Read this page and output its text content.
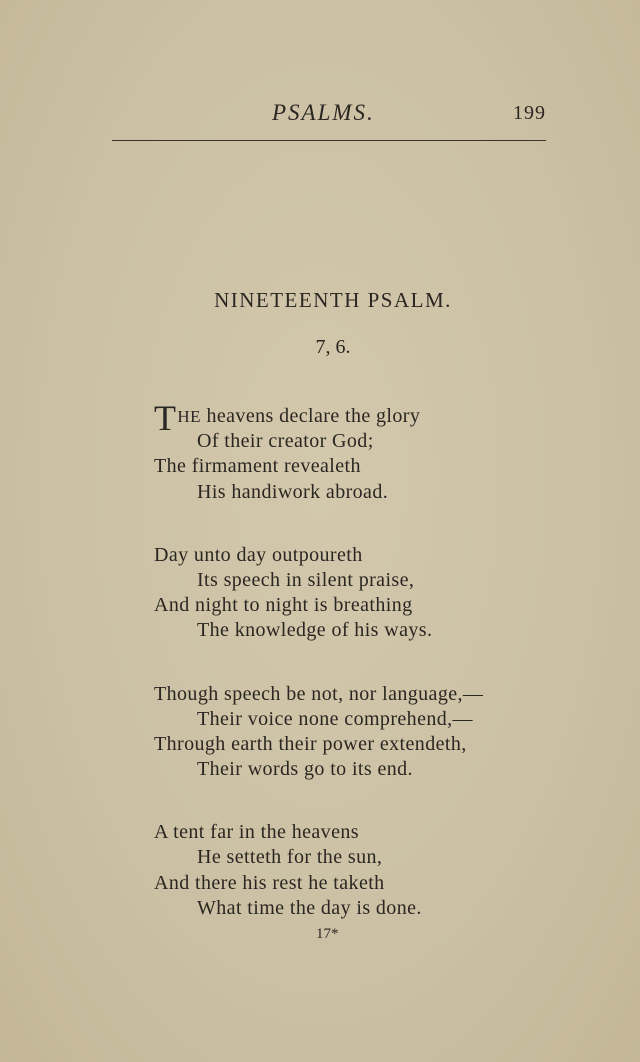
PSALMS.	199
NINETEENTH PSALM.
7, 6.
THE heavens declare the glory
Of their creator God;
The firmament revealeth
His handiwork abroad.
Day unto day outpoureth
Its speech in silent praise,
And night to night is breathing
The knowledge of his ways.
Though speech be not, nor language,—
Their voice none comprehend,—
Through earth their power extendeth,
Their words go to its end.
A tent far in the heavens
He setteth for the sun,
And there his rest he taketh
What time the day is done.
17*
